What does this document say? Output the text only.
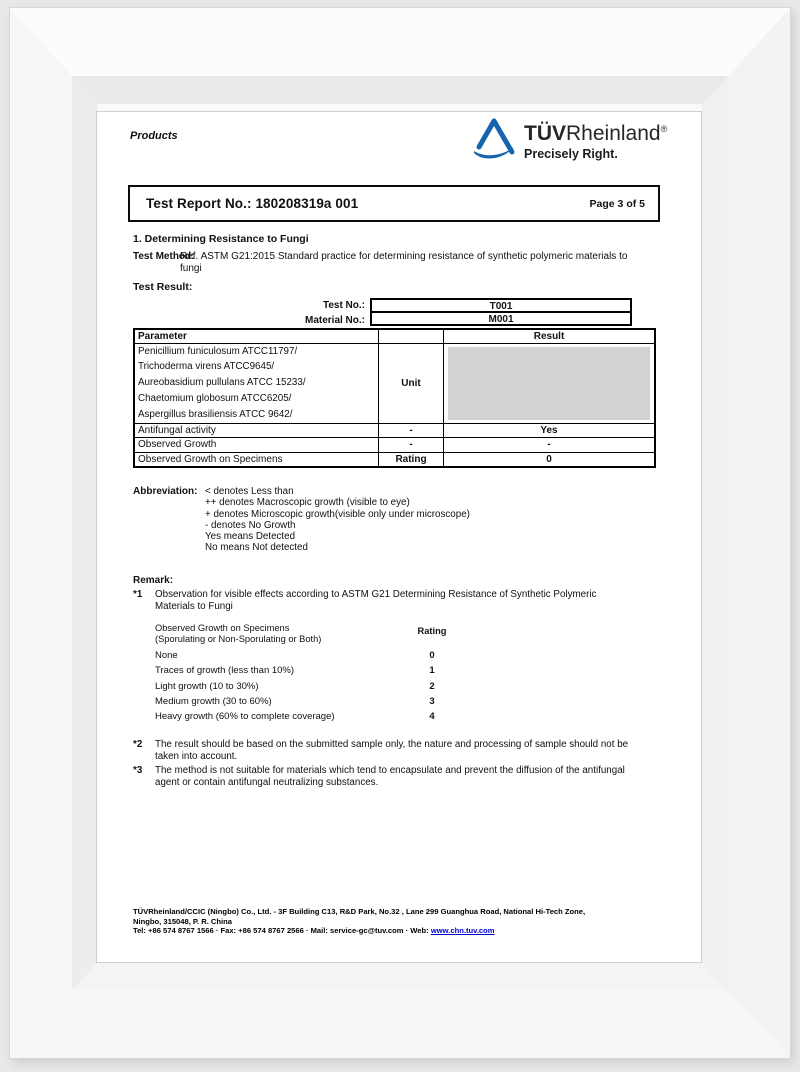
Products	TÜVRheinland®
Precisely Right.
Test Report No.: 180208319a 001	Page 3 of 5
1. Determining Resistance to Fungi
Test Method:
Ref. ASTM G21:2015 Standard practice for determining resistance of synthetic polymeric materials to fungi
Test Result:
Test No.:	T001
Material No.:	M001
Parameter		Result

Penicillium funiculosum ATCC11797/
Trichoderma virens ATCC9645/
Aureobasidium pullulans ATCC 15233/
Chaetomium globosum ATCC6205/
Aspergillus brasiliensis ATCC 9642/	Unit	

Antifungal activity	-	Yes
Observed Growth	-	-
Observed Growth on Specimens	Rating	0
Abbreviation: < denotes Less than
++ denotes Macroscopic growth (visible to eye)
+ denotes Microscopic growth(visible only under microscope)
- denotes No Growth
Yes means Detected
No means Not detected
Remark:
*1	Observation for visible effects according to ASTM G21 Determining Resistance of Synthetic Polymeric Materials to Fungi
Observed Growth on Specimens
(Sporulating or Non-Sporulating or Both)
Rating
None	0
Traces of growth (less than 10%)	1
Light growth (10 to 30%)	2
Medium growth (30 to 60%)	3
Heavy growth (60% to complete coverage)	4
*2	The result should be based on the submitted sample only, the nature and processing of sample should not be taken into account.
*3	The method is not suitable for materials which tend to encapsulate and prevent the diffusion of the antifungal agent or contain antifungal neutralizing substances.
TÜVRheinland/CCIC (Ningbo) Co., Ltd. - 3F Building C13, R&D Park, No.32 , Lane 299 Guanghua Road, National Hi-Tech Zone,
Ningbo, 315048, P. R. China
Tel: +86 574 8767 1566 · Fax: +86 574 8767 2566 · Mail: service-gc@tuv.com · Web: www.chn.tuv.com
